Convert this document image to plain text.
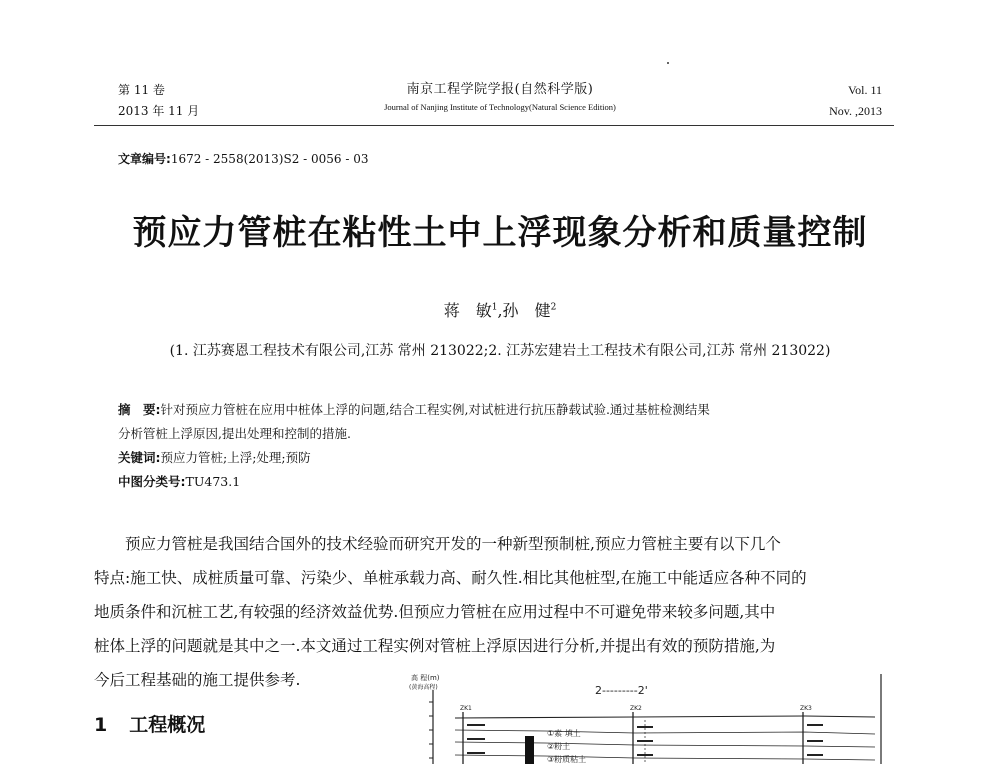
第 11 卷
2013 年 11 月
南京工程学院学报(自然科学版)
Journal of Nanjing Institute of Technology(Natural Science Edition)
Vol. 11
Nov. ,2013
文章编号:1672 - 2558(2013)S2 - 0056 - 03
预应力管桩在粘性土中上浮现象分析和质量控制
蒋　敏$^1$,孙　健$^2$
(1. 江苏赛恩工程技术有限公司,江苏 常州 213022;2. 江苏宏建岩土工程技术有限公司,江苏 常州 213022)
摘　要:针对预应力管桩在应用中桩体上浮的问题,结合工程实例,对试桩进行抗压静载试验.通过基桩检测结果
分析管桩上浮原因,提出处理和控制的措施.
关键词:预应力管桩;上浮;处理;预防
中图分类号:TU473.1
预应力管桩是我国结合国外的技术经验而研究开发的一种新型预制桩,预应力管桩主要有以下几个
特点:施工快、成桩质量可靠、污染少、单桩承载力高、耐久性.相比其他桩型,在施工中能适应各种不同的
地质条件和沉桩工艺,有较强的经济效益优势.但预应力管桩在应用过程中不可避免带来较多问题,其中
桩体上浮的问题就是其中之一.本文通过工程实例对管桩上浮原因进行分析,并提出有效的预防措施,为
今后工程基础的施工提供参考.
1 工程概况
高 程(m)
(黄海高程)	2---------2'
ZK1	ZK2	ZK3
①素 填土
②粉土
③粉质粘土
